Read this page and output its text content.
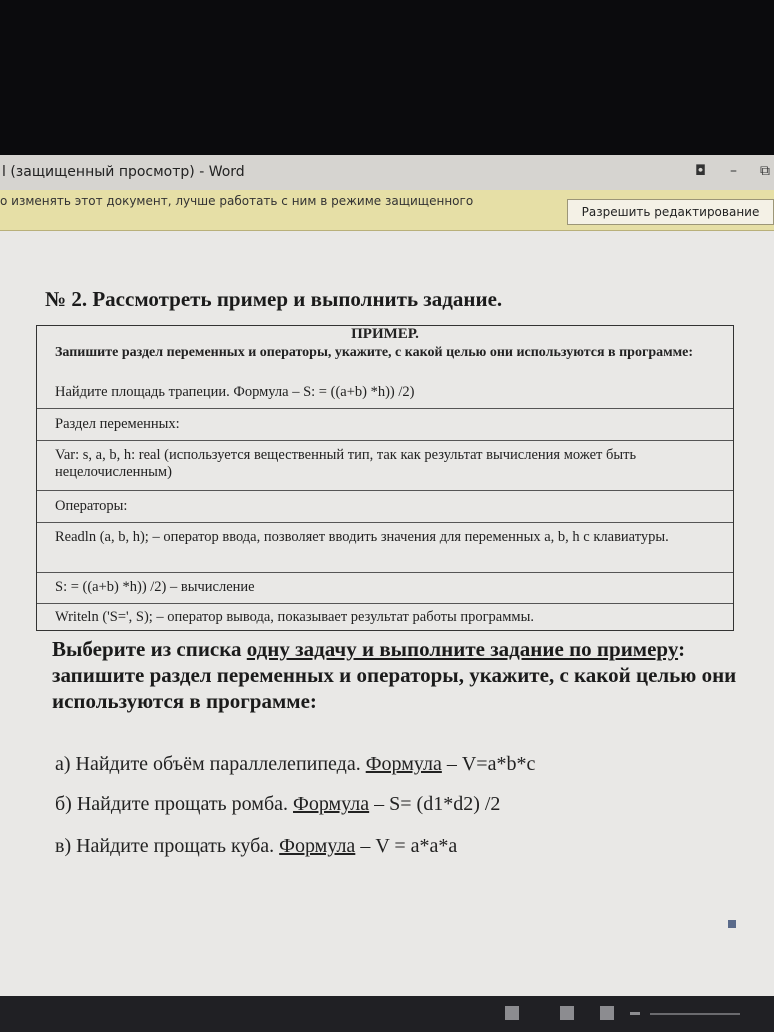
l (защищенный просмотр) - Word	◘ – ⧉
о изменять этот документ, лучше работать с ним в режиме защищенного
Разрешить редактирование
№ 2. Рассмотреть пример и выполнить задание.
ПРИМЕР.
Запишите раздел переменных и операторы, укажите, с какой целью они используются в программе:
Найдите площадь трапеции. Формула – S: = ((a+b) *h)) /2)
Раздел переменных:
Var: s, a, b, h: real (используется вещественный тип, так как результат вычисления может быть нецелочисленным)
Операторы:
Readln (a, b, h); – оператор ввода, позволяет вводить значения для переменных a, b, h с клавиатуры.
S: = ((a+b) *h)) /2) – вычисление
Writeln ('S=', S); – оператор вывода, показывает результат работы программы.
Выберите из списка одну задачу и выполните задание по примеру: запишите раздел переменных и операторы, укажите, с какой целью они используются в программе:
а) Найдите объём параллелепипеда. Формула – V=a*b*c
б) Найдите прощать ромба. Формула – S= (d1*d2) /2
в) Найдите прощать куба. Формула – V = a*a*a
